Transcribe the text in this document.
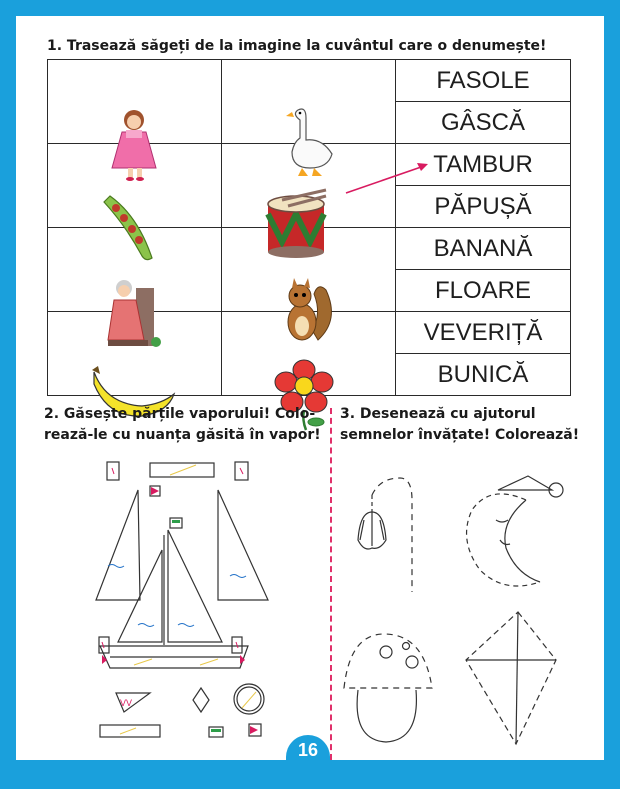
1. Trasează săgeți de la imagine la cuvântul care o denumește!

	FASOLE
		GÂSCĂ

	TAMBUR
		PĂPUȘĂ

	BANANĂ
		FLOARE

	VEVERIȚĂ
		BUNICĂ
2. Găsește părțile vaporului! Colo-
rează-le cu nuanța găsită în vapor!
3. Desenează cu ajutorul
semnelor învățate! Colorează!
VV
16
